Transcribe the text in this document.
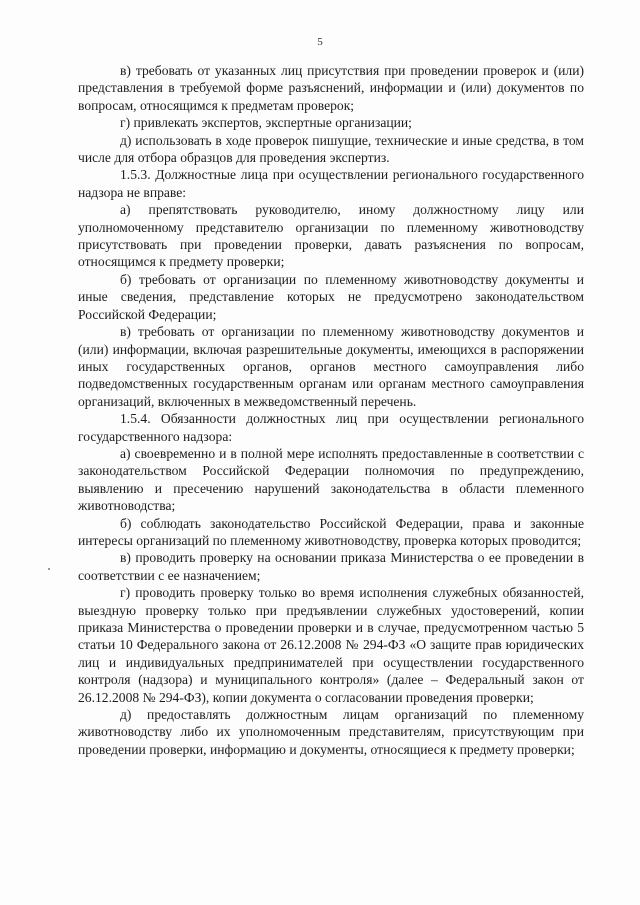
5

в) требовать от указанных лиц присутствия при проведении проверок и (или) представления в требуемой форме разъяснений, информации и (или) документов по вопросам, относящимся к предметам проверок;

г) привлекать экспертов, экспертные организации;

д) использовать в ходе проверок пишущие, технические и иные средства, в том числе для отбора образцов для проведения экспертиз.

1.5.3. Должностные лица при осуществлении регионального государственного надзора не вправе:

а) препятствовать руководителю, иному должностному лицу или уполномоченному представителю организации по племенному животноводству присутствовать при проведении проверки, давать разъяснения по вопросам, относящимся к предмету проверки;

б) требовать от организации по племенному животноводству документы и иные сведения, представление которых не предусмотрено законодательством Российской Федерации;

в) требовать от организации по племенному животноводству документов и (или) информации, включая разрешительные документы, имеющихся в распоряжении иных государственных органов, органов местного самоуправления либо подведомственных государственным органам или органам местного самоуправления организаций, включенных в межведомственный перечень.

1.5.4. Обязанности должностных лиц при осуществлении регионального государственного надзора:

а) своевременно и в полной мере исполнять предоставленные в соответствии с законодательством Российской Федерации полномочия по предупреждению, выявлению и пресечению нарушений законодательства в области племенного животноводства;

б) соблюдать законодательство Российской Федерации, права и законные интересы организаций по племенному животноводству, проверка которых проводится;

в) проводить проверку на основании приказа Министерства о ее проведении в соответствии с ее назначением;

г) проводить проверку только во время исполнения служебных обязанностей, выездную проверку только при предъявлении служебных удостоверений, копии приказа Министерства о проведении проверки и в случае, предусмотренном частью 5 статьи 10 Федерального закона от 26.12.2008 № 294-ФЗ «О защите прав юридических лиц и индивидуальных предпринимателей при осуществлении государственного контроля (надзора) и муниципального контроля» (далее – Федеральный закон от 26.12.2008 № 294-ФЗ), копии документа о согласовании проведения проверки;

д) предоставлять должностным лицам организаций по племенному животноводству либо их уполномоченным представителям, присутствующим при проведении проверки, информацию и документы, относящиеся к предмету проверки;
